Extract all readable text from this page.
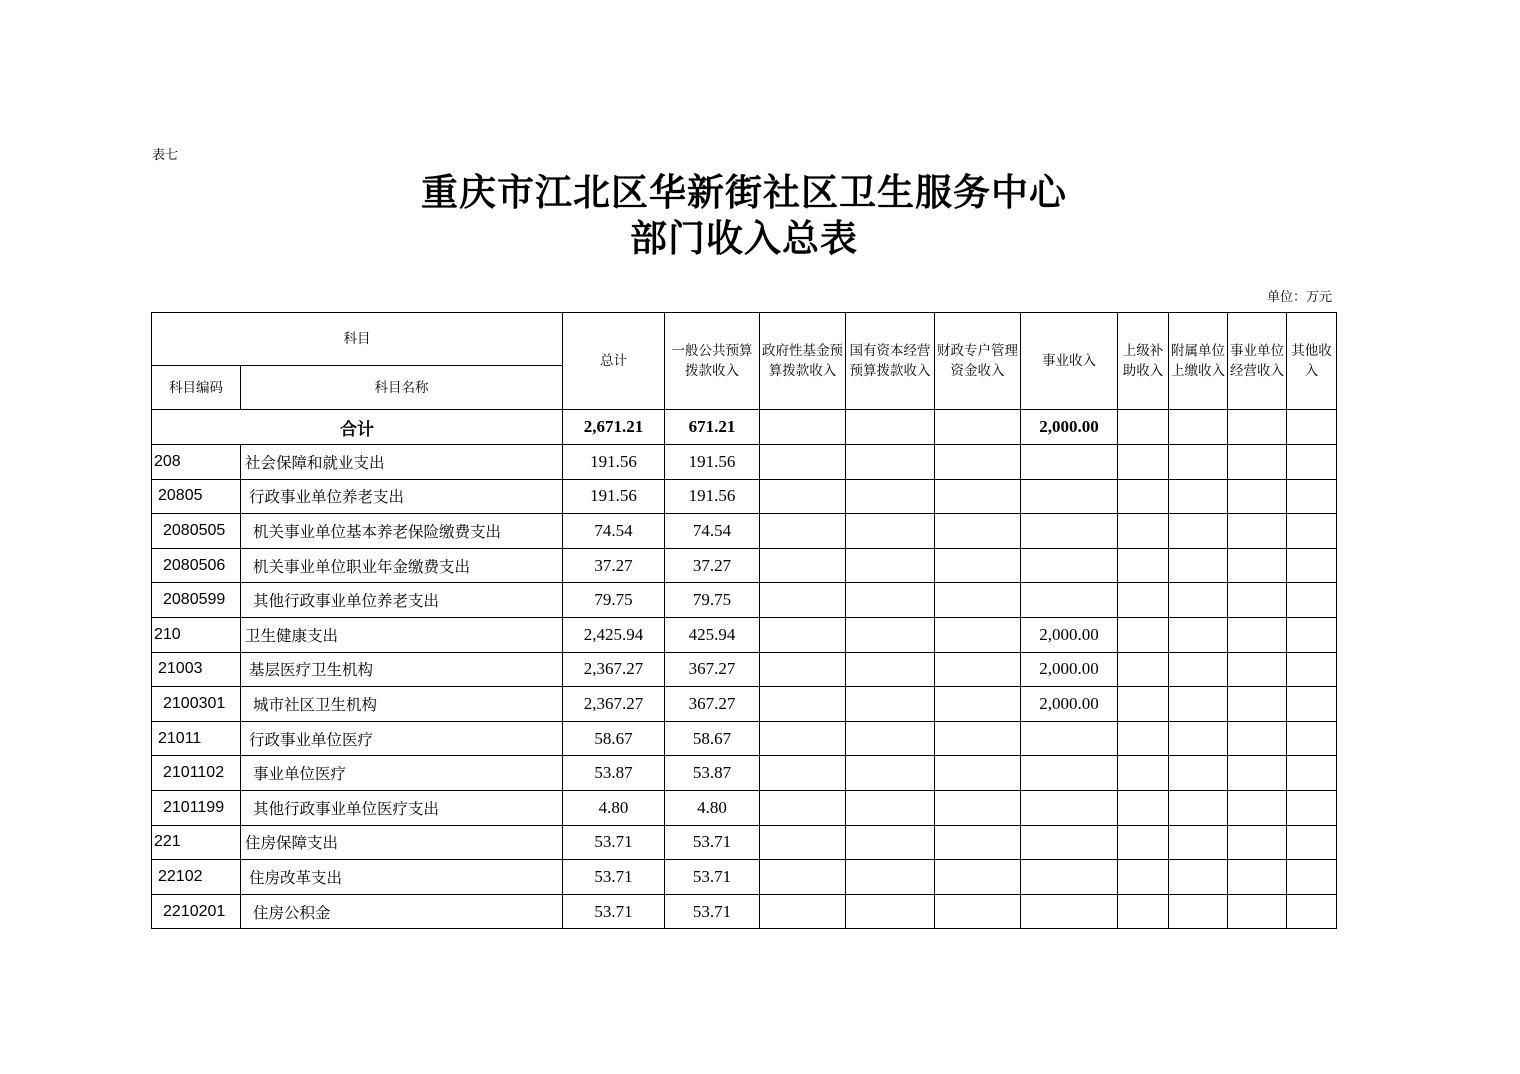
表七
重庆市江北区华新街社区卫生服务中心
部门收入总表
单位：万元
科目		总计	一般公共预算拨款收入	政府性基金预算拨款收入	国有资本经营预算拨款收入	财政专户管理资金收入	事业收入	上级补助收入	附属单位上缴收入	事业单位经营收入	其他收入
科目编码	科目名称										
合计		2,671.21	671.21				2,000.00				
208	社会保障和就业支出	191.56	191.56								
20805	行政事业单位养老支出	191.56	191.56								
2080505	机关事业单位基本养老保险缴费支出	74.54	74.54								
2080506	机关事业单位职业年金缴费支出	37.27	37.27								
2080599	其他行政事业单位养老支出	79.75	79.75								
210	卫生健康支出	2,425.94	425.94				2,000.00				
21003	基层医疗卫生机构	2,367.27	367.27				2,000.00				
2100301	城市社区卫生机构	2,367.27	367.27				2,000.00				
21011	行政事业单位医疗	58.67	58.67								
2101102	事业单位医疗	53.87	53.87								
2101199	其他行政事业单位医疗支出	4.80	4.80								
221	住房保障支出	53.71	53.71								
22102	住房改革支出	53.71	53.71								
2210201	住房公积金	53.71	53.71								
